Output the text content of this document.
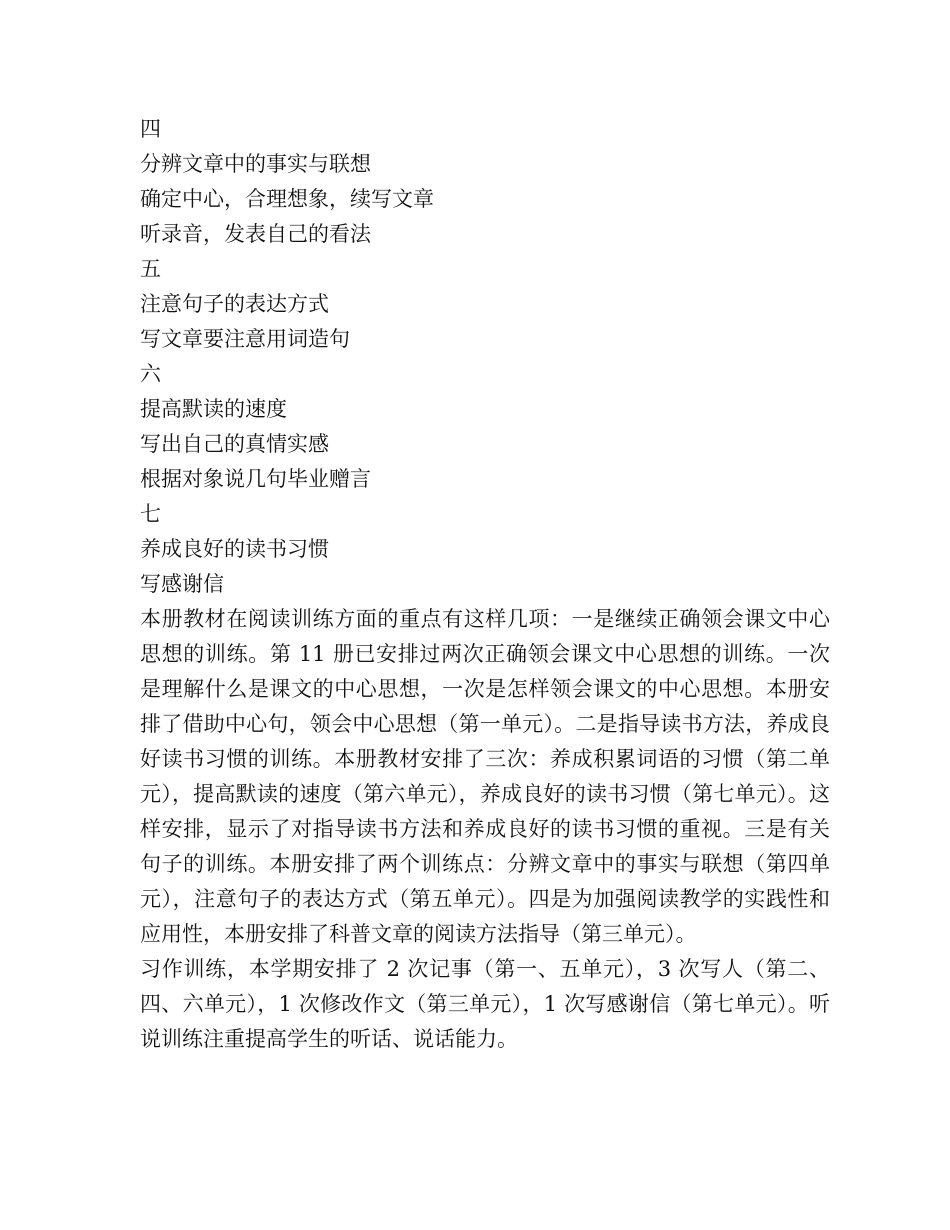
四

分辨文章中的事实与联想

确定中心，合理想象，续写文章

听录音，发表自己的看法

五

注意句子的表达方式

写文章要注意用词造句

六

提高默读的速度

写出自己的真情实感

根据对象说几句毕业赠言

七

养成良好的读书习惯

写感谢信

本册教材在阅读训练方面的重点有这样几项：一是继续正确领会课文中心思想的训练。第 11 册已安排过两次正确领会课文中心思想的训练。一次是理解什么是课文的中心思想，一次是怎样领会课文的中心思想。本册安排了借助中心句，领会中心思想（第一单元）。二是指导读书方法，养成良好读书习惯的训练。本册教材安排了三次：养成积累词语的习惯（第二单元），提高默读的速度（第六单元），养成良好的读书习惯（第七单元）。这样安排，显示了对指导读书方法和养成良好的读书习惯的重视。三是有关句子的训练。本册安排了两个训练点：分辨文章中的事实与联想（第四单元），注意句子的表达方式（第五单元）。四是为加强阅读教学的实践性和应用性，本册安排了科普文章的阅读方法指导（第三单元）。

习作训练，本学期安排了 2 次记事（第一、五单元），3 次写人（第二、四、六单元），1 次修改作文（第三单元），1 次写感谢信（第七单元）。听说训练注重提高学生的听话、说话能力。
